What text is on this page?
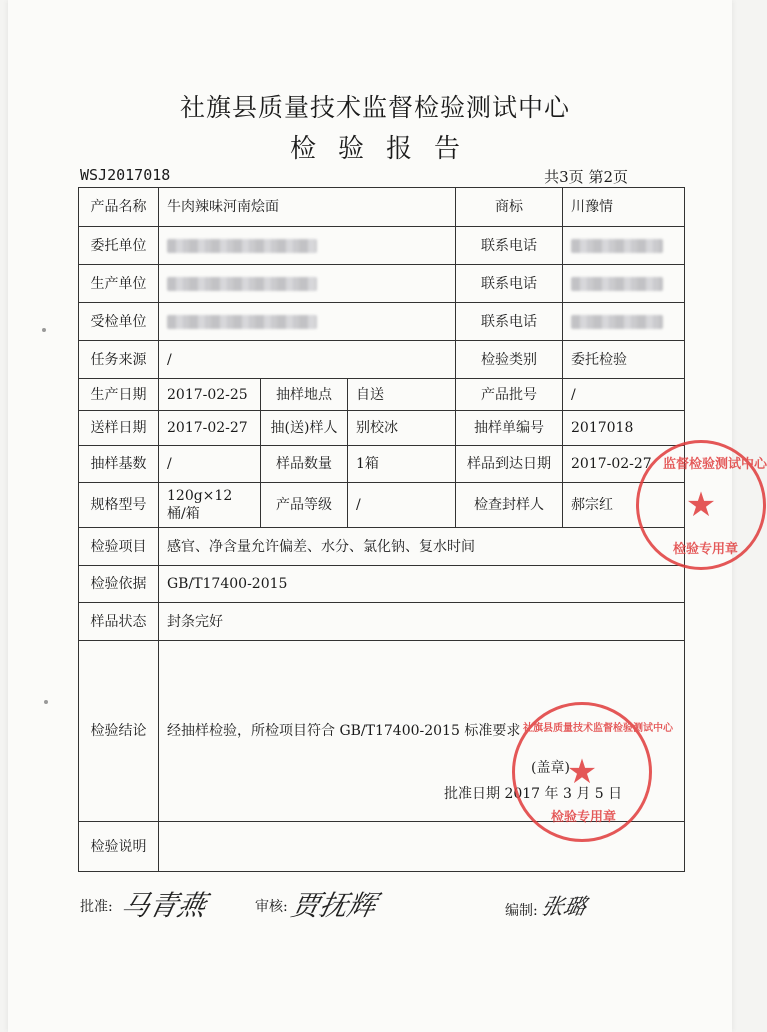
社旗县质量技术监督检验测试中心
检验报告
WSJ2017018	共3页 第2页
产品名称	牛肉辣味河南烩面			商标	川豫情
委托单位				联系电话	
生产单位				联系电话	
受检单位				联系电话	
任务来源	/			检验类别	委托检验
生产日期	2017-02-25	抽样地点	自送	产品批号	/
送样日期	2017-02-27	抽(送)样人	别校冰	抽样单编号	2017018
抽样基数	/	样品数量	1箱	样品到达日期	2017-02-27
规格型号	120g×12 桶/箱	产品等级	/	检查封样人	郝宗红
检验项目	感官、净含量允许偏差、水分、氯化钠、复水时间				
检验依据	GB/T17400-2015				
样品状态	封条完好				
检验结论	经抽样检验，所检项目符合 GB/T17400-2015 标准要求
(盖章)
批准日期 2017 年 3 月 5 日				

检验说明					
★
监督检验测试中心
检验专用章
★
社旗县质量技术监督检验测试中心
检验专用章
批准: 马青燕	审核: 贾抚辉	编制: 张璐
